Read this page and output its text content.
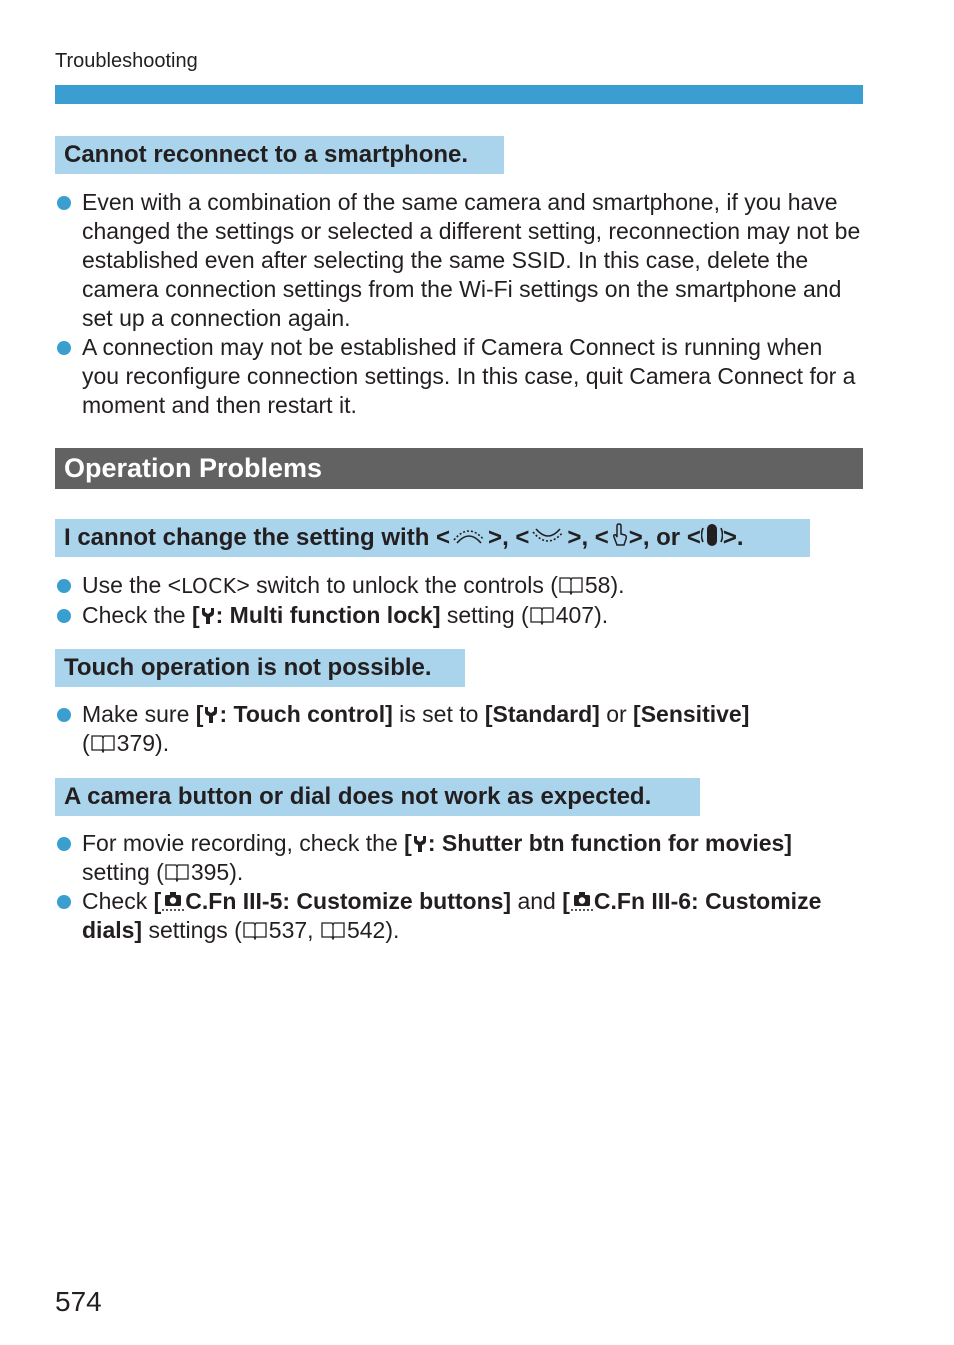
Troubleshooting
Cannot reconnect to a smartphone.
Even with a combination of the same camera and smartphone, if you have changed the settings or selected a different setting, reconnection may not be established even after selecting the same SSID. In this case, delete the camera connection settings from the Wi-Fi settings on the smartphone and set up a connection again.
A connection may not be established if Camera Connect is running when you reconfigure connection settings. In this case, quit Camera Connect for a moment and then restart it.
Operation Problems
I cannot change the setting with < >, < >, < >, or < >.
Use the <LOCK> switch to unlock the controls ( 58).
Check the [ : Multi function lock] setting ( 407).
Touch operation is not possible.
Make sure [ : Touch control] is set to [Standard] or [Sensitive]
( 379).
A camera button or dial does not work as expected.
For movie recording, check the [ : Shutter btn function for movies]
setting ( 395).
Check [ C.Fn III-5: Customize buttons] and [ C.Fn III-6: Customize dials] settings ( 537,
542).
574
